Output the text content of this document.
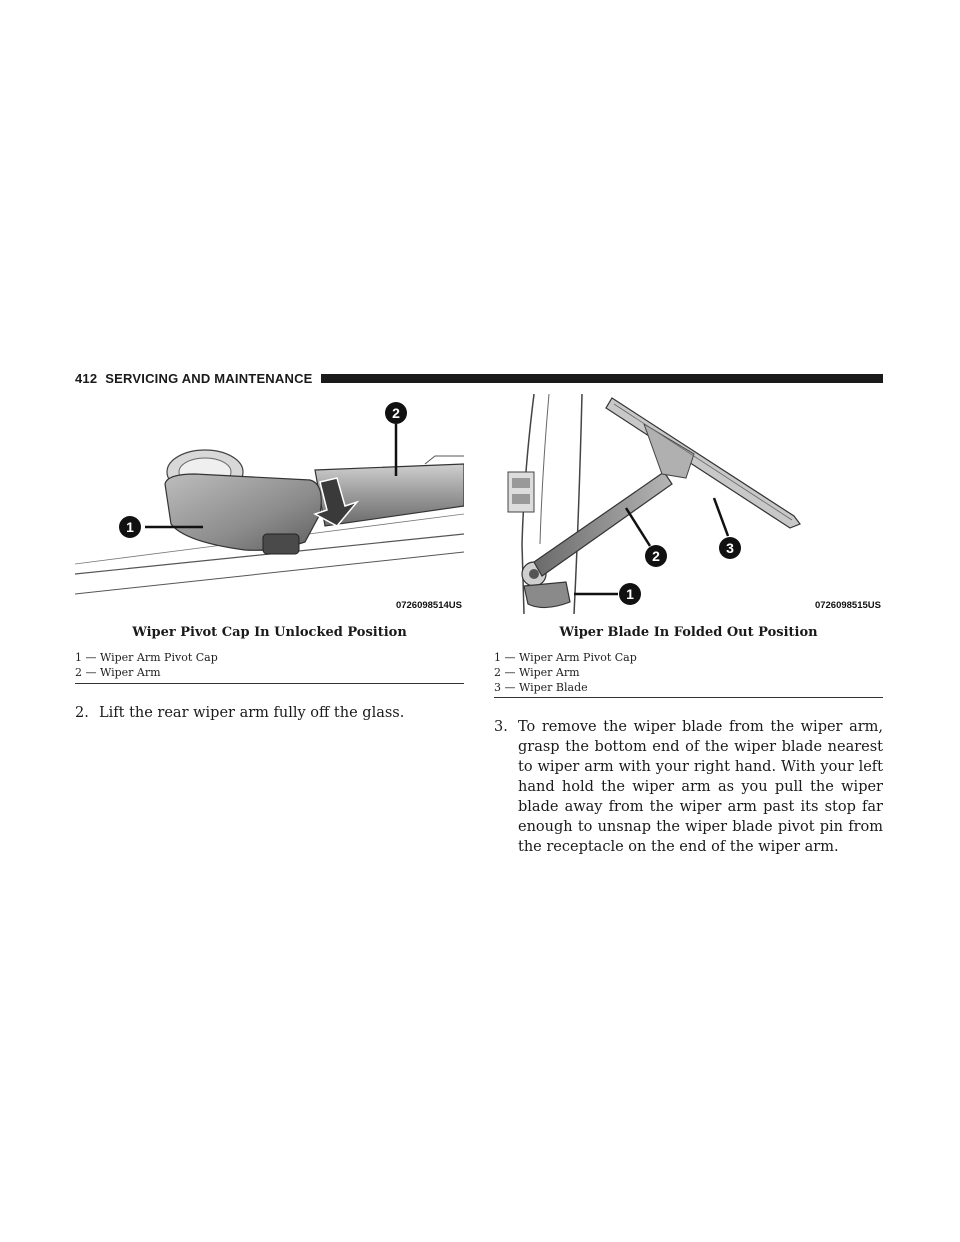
412 SERVICING AND MAINTENANCE
1
2
0726098514US
Wiper Pivot Cap In Unlocked Position
1 — Wiper Arm Pivot Cap
2 — Wiper Arm
1
2	3
0726098515US
Wiper Blade In Folded Out Position
1 — Wiper Arm Pivot Cap
2 — Wiper Arm
3 — Wiper Blade
2. Lift the rear wiper arm fully off the glass.
3. To remove the wiper blade from the wiper arm, grasp the bottom end of the wiper blade nearest to wiper arm with your right hand. With your left hand hold the wiper arm as you pull the wiper blade away from the wiper arm past its stop far enough to unsnap the wiper blade pivot pin from the receptacle on the end of the wiper arm.
